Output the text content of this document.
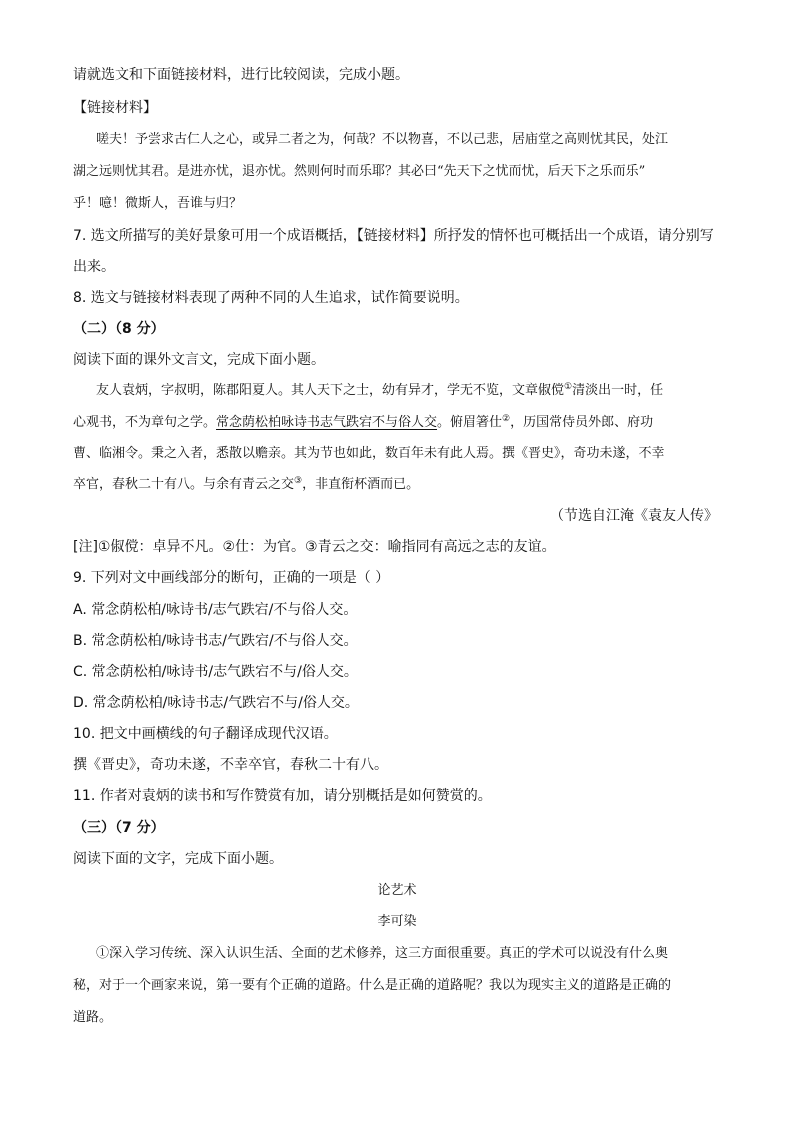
请就选文和下面链接材料，进行比较阅读，完成小题。
【链接材料】
嗟夫！予尝求古仁人之心，或异二者之为，何哉？不以物喜，不以己悲，居庙堂之高则忧其民，处江
湖之远则忧其君。是进亦忧，退亦忧。然则何时而乐耶？其必曰“先天下之忧而忧，后天下之乐而乐”
乎！噫！微斯人，吾谁与归？
7. 选文所描写的美好景象可用一个成语概括，【链接材料】所抒发的情怀也可概括出一个成语，请分别写
出来。
8. 选文与链接材料表现了两种不同的人生追求，试作简要说明。
（二）（8 分）
阅读下面的课外文言文，完成下面小题。
友人袁炳，字叔明，陈郡阳夏人。其人天下之士，幼有异才，学无不览，文章俶傥①清淡出一时，任
心观书，不为章句之学。常念荫松柏咏诗书志气跌宕不与俗人交。俯眉箸仕②，历国常侍员外郎、府功
曹、临湘令。秉之入者，悉散以赡亲。其为节也如此，数百年未有此人焉。撰《晋史》，奇功未遂，不幸
卒官，春秋二十有八。与余有青云之交③，非直衔杯酒而已。
（节选自江淹《袁友人传》
[注]①俶傥：卓异不凡。②仕：为官。③青云之交：喻指同有高远之志的友谊。
9. 下列对文中画线部分的断句，正确的一项是（ ）
A. 常念荫松柏/咏诗书/志气跌宕/不与俗人交。
B. 常念荫松柏/咏诗书志/气跌宕/不与俗人交。
C. 常念荫松柏/咏诗书/志气跌宕不与/俗人交。
D. 常念荫松柏/咏诗书志/气跌宕不与/俗人交。
10. 把文中画横线的句子翻译成现代汉语。
撰《晋史》，奇功未遂，不幸卒官，春秋二十有八。
11. 作者对袁炳的读书和写作赞赏有加，请分别概括是如何赞赏的。
（三）（7 分）
阅读下面的文字，完成下面小题。
论艺术
李可染
①深入学习传统、深入认识生活、全面的艺术修养，这三方面很重要。真正的学术可以说没有什么奥
秘，对于一个画家来说，第一要有个正确的道路。什么是正确的道路呢？我以为现实主义的道路是正确的
道路。
